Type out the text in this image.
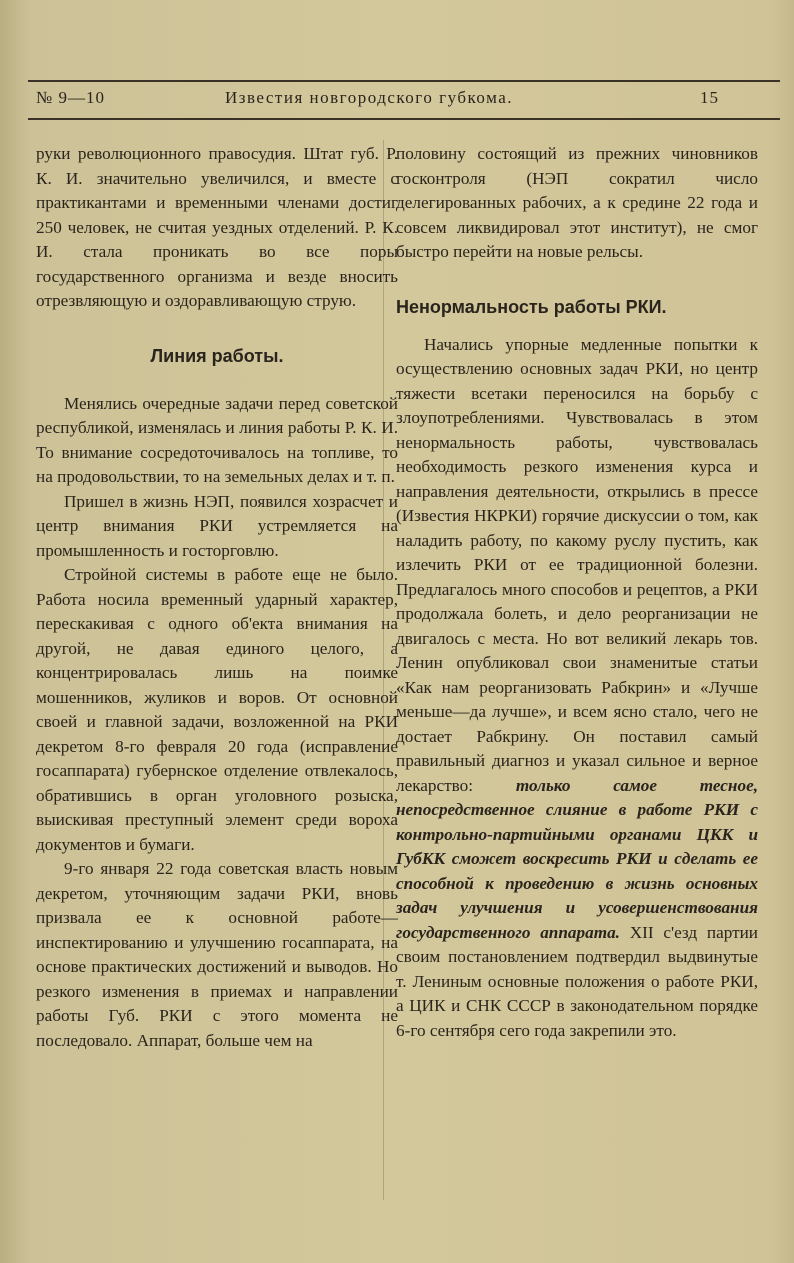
№ 9—10	Известия новгородского губкома.	15

руки революционного правосудия. Штат губ. Р. К. И. значительно увеличился, и вместе с практикантами и временными членами достиг 250 человек, не считая уездных отделений. Р. К. И. стала проникать во все поры государственного организма и везде вносить отрезвляющую и оздоравливающую струю.

Линия работы.

Менялись очередные задачи перед советской республикой, изменялась и линия работы Р. К. И. То внимание сосредоточивалось на топливе, то на продовольствии, то на земельных делах и т. п.

Пришел в жизнь НЭП, появился хозрасчет и центр внимания РКИ устремляется на промышленность и госторговлю.

Стройной системы в работе еще не было. Работа носила временный ударный характер, перескакивая с одного об'екта внимания на другой, не давая единого целого, а концентрировалась лишь на поимке мошенников, жуликов и воров. От основной своей и главной задачи, возложенной на РКИ декретом 8-го февраля 20 года (исправление госаппарата) губернское отделение отвлекалось, обратившись в орган уголовного розыска, выискивая преступный элемент среди вороха документов и бумаги.

9-го января 22 года советская власть новым декретом, уточняющим задачи РКИ, вновь призвала ее к основной работе—инспектированию и улучшению госаппарата, на основе практических достижений и выводов. Но резкого изменения в приемах и направлении работы Губ. РКИ с этого момента не последовало. Аппарат, больше чем на

половину состоящий из прежних чиновников госконтроля (НЭП сократил число делегированных рабочих, а к средине 22 года и совсем ликвидировал этот институт), не смог быстро перейти на новые рельсы.

Ненормальность работы РКИ.

Начались упорные медленные попытки к осуществлению основных задач РКИ, но центр тяжести всетаки переносился на борьбу с злоупотреблениями. Чувствовалась в этом ненормальность работы, чувствовалась необходимость резкого изменения курса и направления деятельности, открылись в прессе (Известия НКРКИ) горячие дискуссии о том, как наладить работу, по какому руслу пустить, как излечить РКИ от ее традиционной болезни. Предлагалось много способов и рецептов, а РКИ продолжала болеть, и дело реорганизации не двигалось с места. Но вот великий лекарь тов. Ленин опубликовал свои знаменитые статьи «Как нам реорганизовать Рабкрин» и «Лучше меньше—да лучше», и всем ясно стало, чего не достает Рабкрину. Он поставил самый правильный диагноз и указал сильное и верное лекарство: только самое тесное, непосредственное слияние в работе РКИ с контрольно-партийными органами ЦКК и ГубКК сможет воскресить РКИ и сделать ее способной к проведению в жизнь основных задач улучшения и усовершенствования государственного аппарата. XII с'езд партии своим постановлением подтвердил выдвинутые т. Лениным основные положения о работе РКИ, а ЦИК и СНК СССР в законодательном порядке 6-го сентября сего года закрепили это.
